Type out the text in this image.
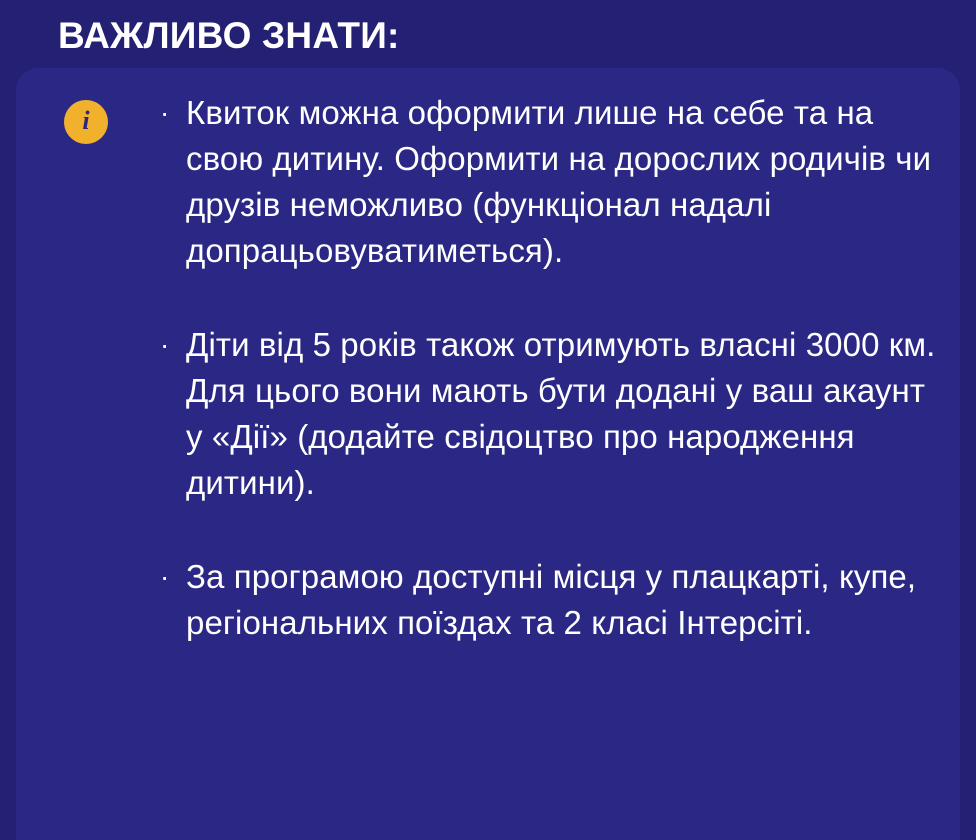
ВАЖЛИВО ЗНАТИ:
i	· Квиток можна оформити лише на себе та на свою дитину. Оформити на дорослих родичів чи друзів неможливо (функціонал надалі допрацьовуватиметься).
· Діти від 5 років також отримують власні 3000 км. Для цього вони мають бути додані у ваш акаунт у «Дії» (додайте свідоцтво про народження дитини).
· За програмою доступні місця у плацкарті, купе, регіональних поїздах та 2 класі Інтерсіті.
